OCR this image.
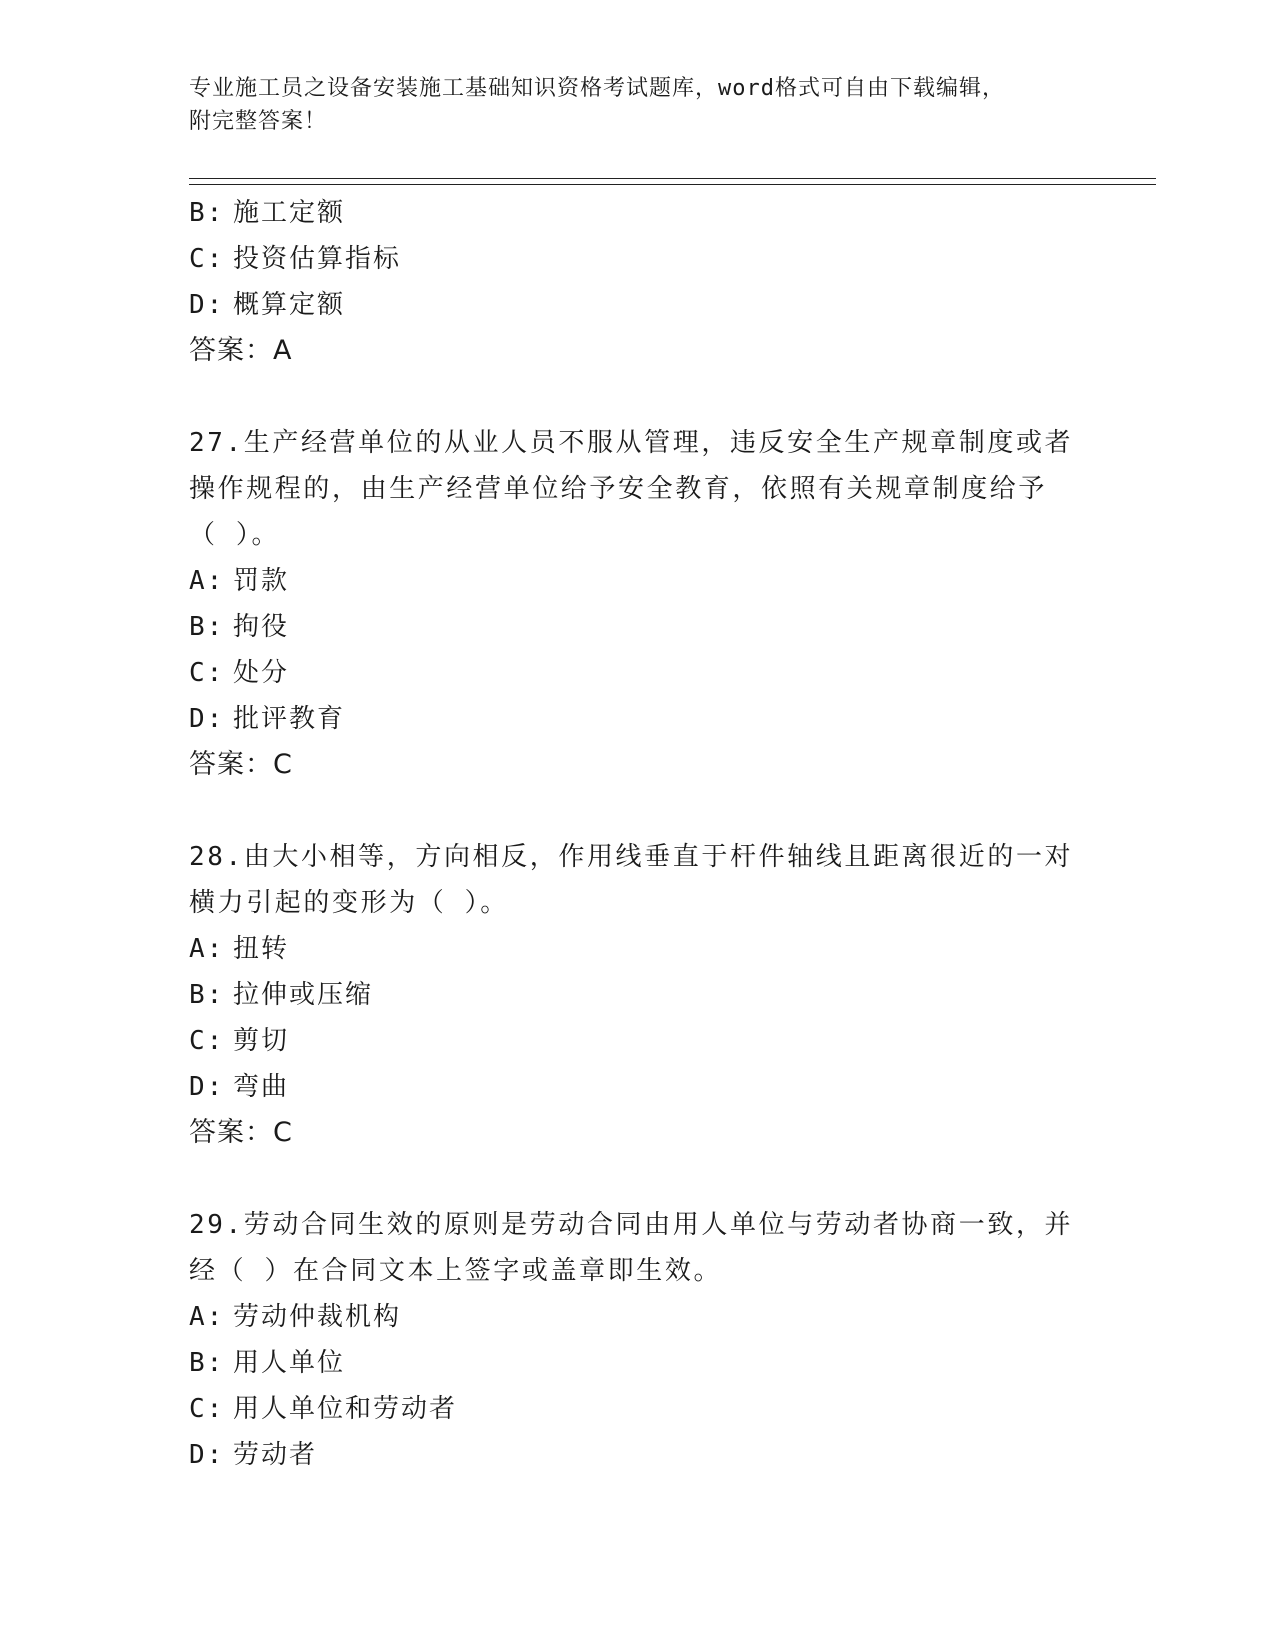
专业施工员之设备安装施工基础知识资格考试题库，word格式可自由下载编辑，
附完整答案！
B: 施工定额
C: 投资估算指标
D: 概算定额
答案：A
27.生产经营单位的从业人员不服从管理，违反安全生产规章制度或者
操作规程的，由生产经营单位给予安全教育，依照有关规章制度给予
（ ）。
A: 罚款
B: 拘役
C: 处分
D: 批评教育
答案：C
28.由大小相等，方向相反，作用线垂直于杆件轴线且距离很近的一对
横力引起的变形为（ ）。
A: 扭转
B: 拉伸或压缩
C: 剪切
D: 弯曲
答案：C
29.劳动合同生效的原则是劳动合同由用人单位与劳动者协商一致，并
经（ ）在合同文本上签字或盖章即生效。
A: 劳动仲裁机构
B: 用人单位
C: 用人单位和劳动者
D: 劳动者
